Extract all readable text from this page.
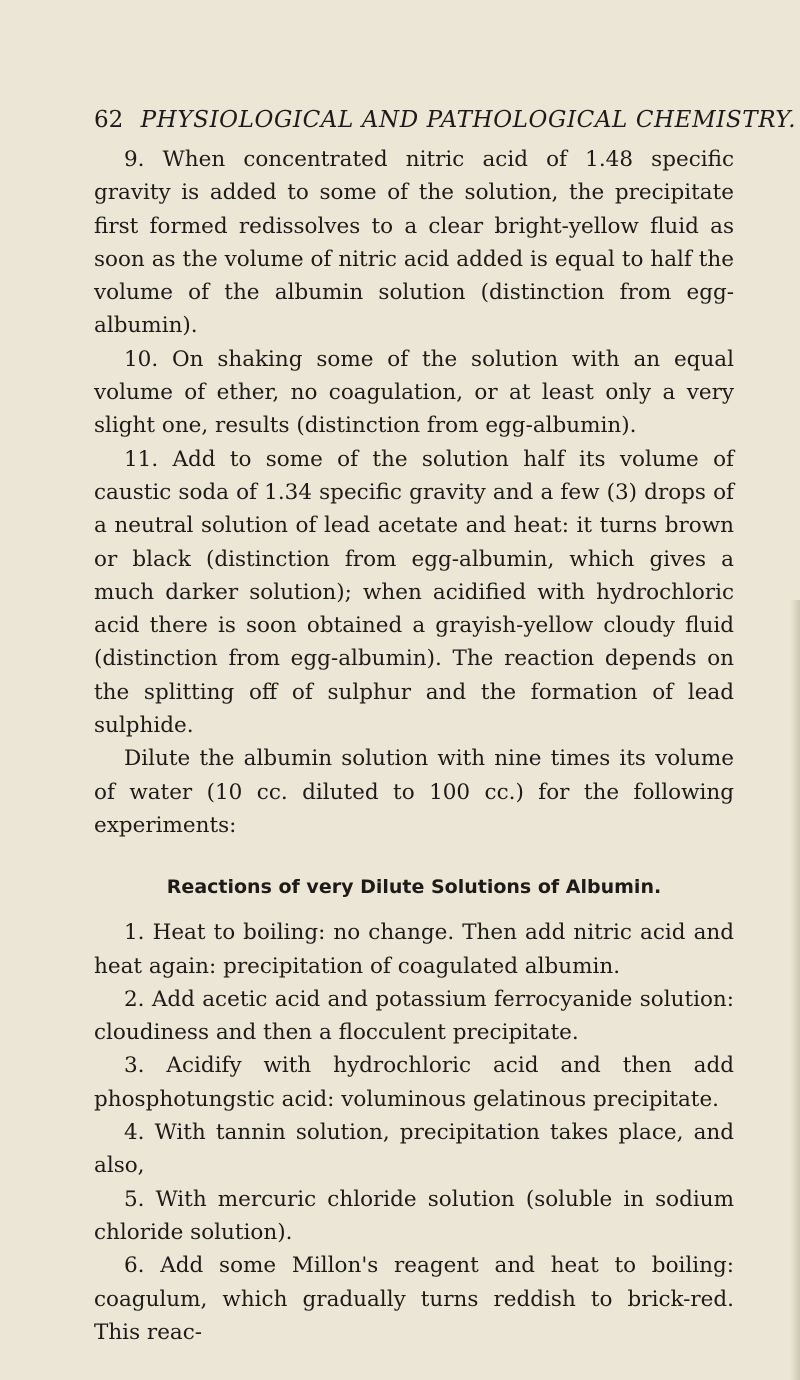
62 PHYSIOLOGICAL AND PATHOLOGICAL CHEMISTRY.

9. When concentrated nitric acid of 1.48 specific gravity is added to some of the solution, the precipitate first formed redissolves to a clear bright-yellow fluid as soon as the volume of nitric acid added is equal to half the volume of the albumin solution (distinction from egg-albumin).

10. On shaking some of the solution with an equal volume of ether, no coagulation, or at least only a very slight one, results (distinction from egg-albumin).

11. Add to some of the solution half its volume of caustic soda of 1.34 specific gravity and a few (3) drops of a neutral solution of lead acetate and heat: it turns brown or black (distinction from egg-albumin, which gives a much darker solution); when acidified with hydrochloric acid there is soon obtained a grayish-yellow cloudy fluid (distinction from egg-albumin). The reaction depends on the splitting off of sulphur and the formation of lead sulphide.

Dilute the albumin solution with nine times its volume of water (10 cc. diluted to 100 cc.) for the following experiments:

Reactions of very Dilute Solutions of Albumin.

1. Heat to boiling: no change. Then add nitric acid and heat again: precipitation of coagulated albumin.

2. Add acetic acid and potassium ferrocyanide solution: cloudiness and then a flocculent precipitate.

3. Acidify with hydrochloric acid and then add phosphotungstic acid: voluminous gelatinous precipitate.

4. With tannin solution, precipitation takes place, and also,

5. With mercuric chloride solution (soluble in sodium chloride solution).

6. Add some Millon's reagent and heat to boiling: coagulum, which gradually turns reddish to brick-red. This reac-
